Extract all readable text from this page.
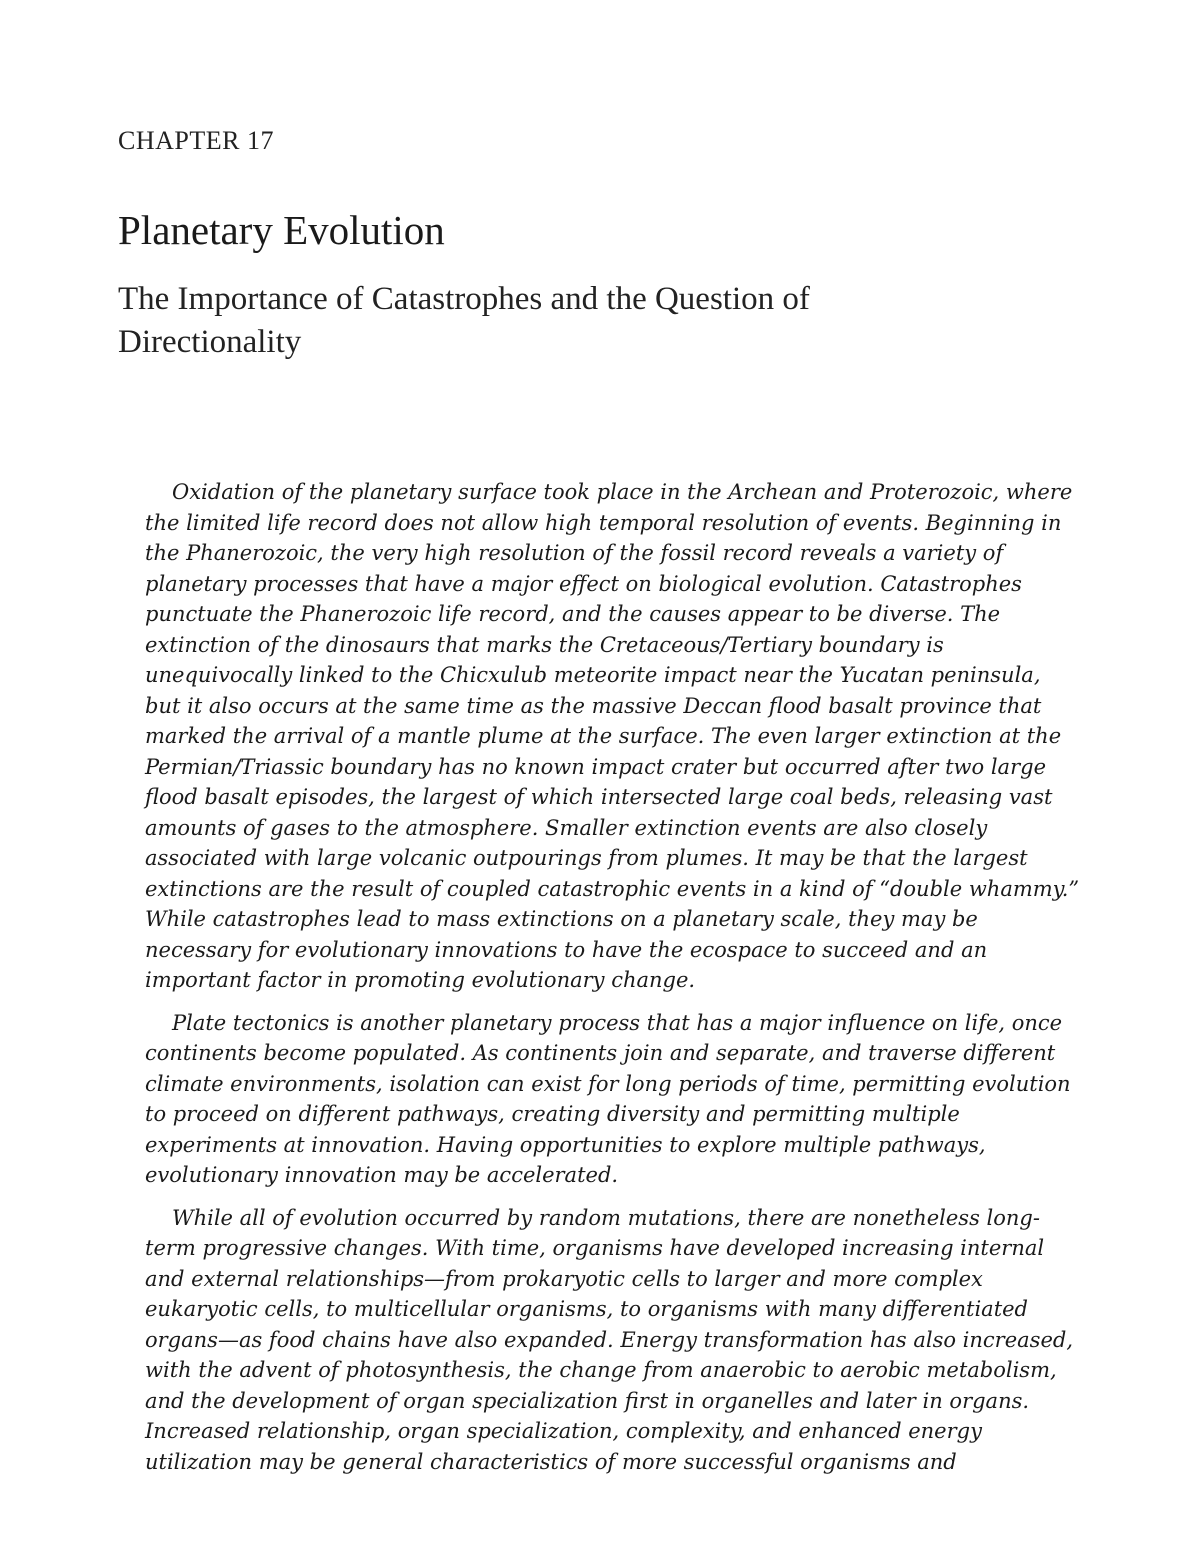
CHAPTER 17
Planetary Evolution
The Importance of Catastrophes and the Question of Directionality

Oxidation of the planetary surface took place in the Archean and Proterozoic, where the limited life record does not allow high temporal resolution of events. Beginning in the Phanerozoic, the very high resolution of the fossil record reveals a variety of planetary processes that have a major effect on biological evolution. Catastrophes punctuate the Phanerozoic life record, and the causes appear to be diverse. The extinction of the dinosaurs that marks the Cretaceous/Tertiary boundary is unequivocally linked to the Chicxulub meteorite impact near the Yucatan peninsula, but it also occurs at the same time as the massive Deccan flood basalt province that marked the arrival of a mantle plume at the surface. The even larger extinction at the Permian/Triassic boundary has no known impact crater but occurred after two large flood basalt episodes, the largest of which intersected large coal beds, releasing vast amounts of gases to the atmosphere. Smaller extinction events are also closely associated with large volcanic outpourings from plumes. It may be that the largest extinctions are the result of coupled catastrophic events in a kind of “double whammy.” While catastrophes lead to mass extinctions on a planetary scale, they may be necessary for evolutionary innovations to have the ecospace to succeed and an important factor in promoting evolutionary change.

Plate tectonics is another planetary process that has a major influence on life, once continents become populated. As continents join and separate, and traverse different climate environments, isolation can exist for long periods of time, permitting evolution to proceed on different pathways, creating diversity and permitting multiple experiments at innovation. Having opportunities to explore multiple pathways, evolutionary innovation may be accelerated.

While all of evolution occurred by random mutations, there are nonetheless long-term progressive changes. With time, organisms have developed increasing internal and external relationships—from prokaryotic cells to larger and more complex eukaryotic cells, to multicellular organisms, to organisms with many differentiated organs—as food chains have also expanded. Energy transformation has also increased, with the advent of photosynthesis, the change from anaerobic to aerobic metabolism, and the development of organ specialization first in organelles and later in organs. Increased relationship, organ specialization, complexity, and enhanced energy utilization may be general characteristics of more successful organisms and
